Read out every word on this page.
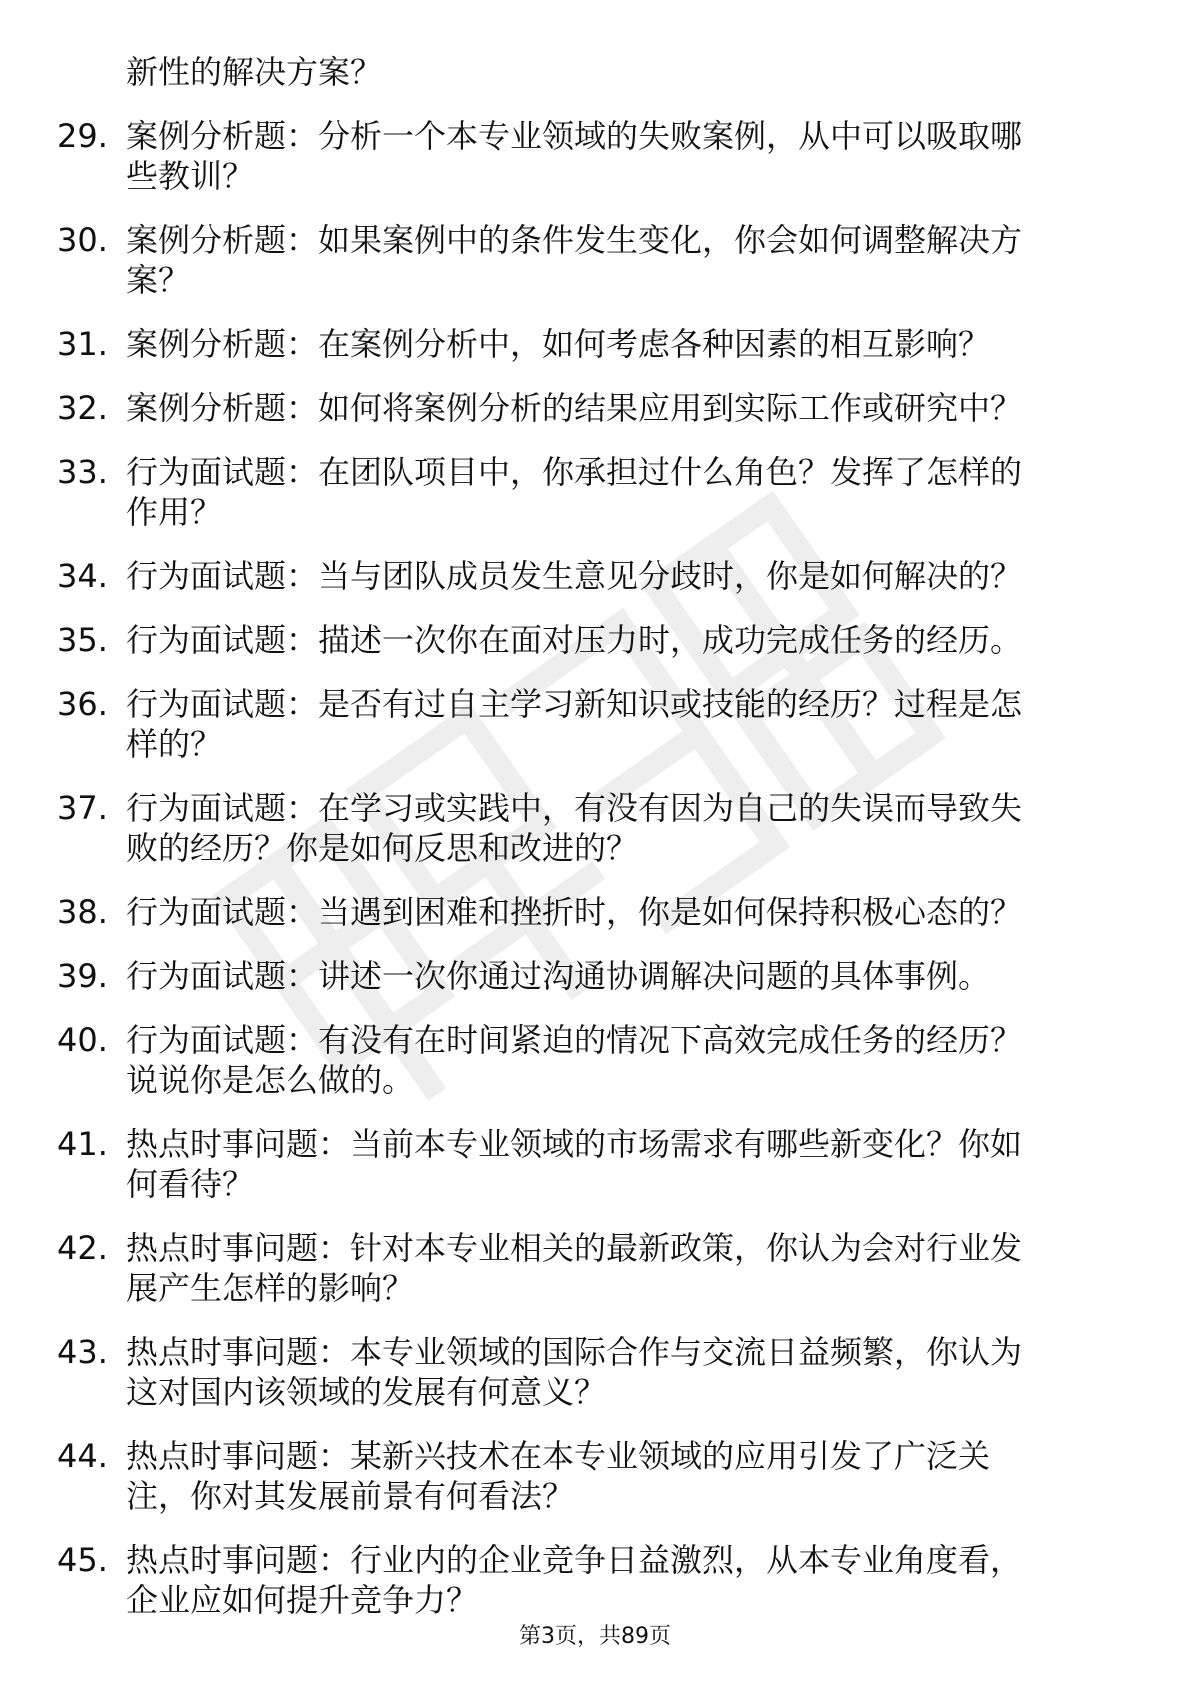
新性的解决方案？
29. 案例分析题：分析一个本专业领域的失败案例，从中可以吸取哪
些教训？
30. 案例分析题：如果案例中的条件发生变化，你会如何调整解决方
案？
31. 案例分析题：在案例分析中，如何考虑各种因素的相互影响？
32. 案例分析题：如何将案例分析的结果应用到实际工作或研究中？
33. 行为面试题：在团队项目中，你承担过什么角色？发挥了怎样的
作用？
34. 行为面试题：当与团队成员发生意见分歧时，你是如何解决的？
35. 行为面试题：描述一次你在面对压力时，成功完成任务的经历。
36. 行为面试题：是否有过自主学习新知识或技能的经历？过程是怎
样的？
37. 行为面试题：在学习或实践中，有没有因为自己的失误而导致失
败的经历？你是如何反思和改进的？
38. 行为面试题：当遇到困难和挫折时，你是如何保持积极心态的？
39. 行为面试题：讲述一次你通过沟通协调解决问题的具体事例。
40. 行为面试题：有没有在时间紧迫的情况下高效完成任务的经历？
说说你是怎么做的。
41. 热点时事问题：当前本专业领域的市场需求有哪些新变化？你如
何看待？
42. 热点时事问题：针对本专业相关的最新政策，你认为会对行业发
展产生怎样的影响？
43. 热点时事问题：本专业领域的国际合作与交流日益频繁，你认为
这对国内该领域的发展有何意义？
44. 热点时事问题：某新兴技术在本专业领域的应用引发了广泛关
注，你对其发展前景有何看法？
45. 热点时事问题：行业内的企业竞争日益激烈，从本专业角度看，
企业应如何提升竞争力？
第3页，共89页
